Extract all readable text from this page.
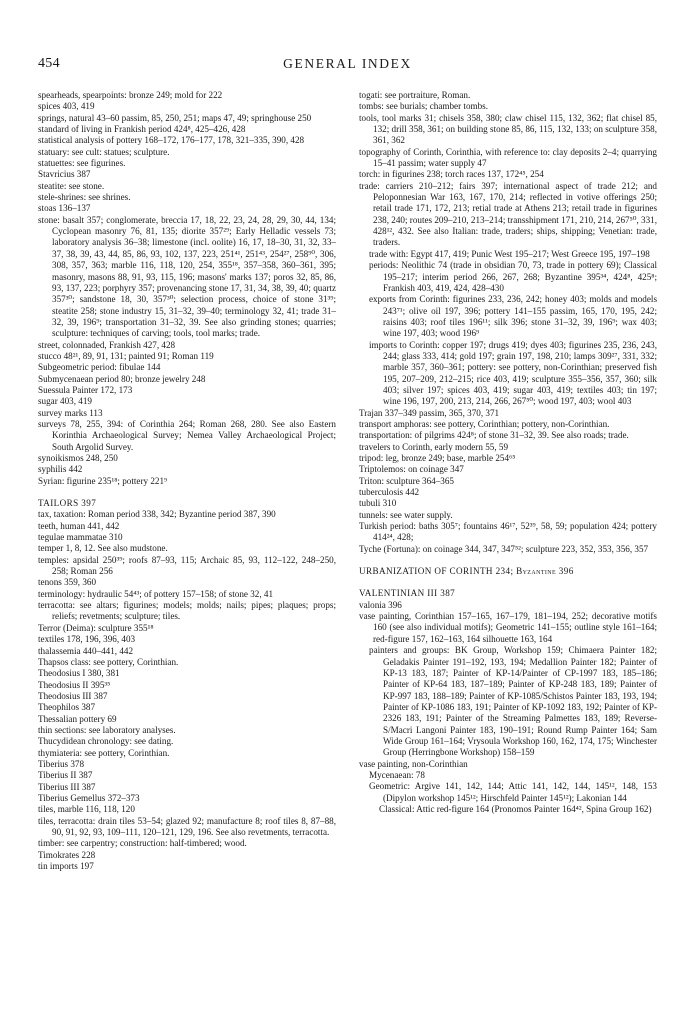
454	GENERAL INDEX

spearheads, spearpoints: bronze 249; mold for 222

spices 403, 419

springs, natural 43–60 passim, 85, 250, 251; maps 47, 49; springhouse 250

standard of living in Frankish period 424⁸, 425–426, 428

statistical analysis of pottery 168–172, 176–177, 178, 321–335, 390, 428

statuary: see cult: statues; sculpture.

statuettes: see figurines.

Stavricius 387

steatite: see stone.

stele-shrines: see shrines.

stoas 136–137

stone: basalt 357; conglomerate, breccia 17, 18, 22, 23, 24, 28, 29, 30, 44, 134; Cyclopean masonry 76, 81, 135; diorite 357²⁹; Early Helladic vessels 73; laboratory analysis 36–38; limestone (incl. oolite) 16, 17, 18–30, 31, 32, 33–37, 38, 39, 43, 44, 85, 86, 93, 102, 137, 223, 251⁴¹, 251⁴³, 254²⁷, 258⁹⁰, 306, 308, 357, 363; marble 116, 118, 120, 254, 355¹⁸, 357–358, 360–361, 395; masonry, masons 88, 91, 93, 115, 196; masons' marks 137; poros 32, 85, 86, 93, 137, 223; porphyry 357; provenancing stone 17, 31, 34, 38, 39, 40; quartz 357³⁰; sandstone 18, 30, 357³⁰; selection process, choice of stone 31³⁹; steatite 258; stone industry 15, 31–32, 39–40; terminology 32, 41; trade 31–32, 39, 196⁹; transportation 31–32, 39. See also grinding stones; quarries; sculpture: techniques of carving; tools, tool marks; trade.

street, colonnaded, Frankish 427, 428

stucco 48²¹, 89, 91, 131; painted 91; Roman 119

Subgeometric period: fibulae 144

Submycenaean period 80; bronze jewelry 248

Suessula Painter 172, 173

sugar 403, 419

survey marks 113

surveys 78, 255, 394: of Corinthia 264; Roman 268, 280. See also Eastern Korinthia Archaeological Survey; Nemea Valley Archaeological Project; South Argolid Survey.

synoikismos 248, 250

syphilis 442

Syrian: figurine 235¹⁸; pottery 221⁹

TAILORS 397

tax, taxation: Roman period 338, 342; Byzantine period 387, 390

teeth, human 441, 442

tegulae mammatae 310

temper 1, 8, 12. See also mudstone.

temples: apsidal 250³⁹; roofs 87–93, 115; Archaic 85, 93, 112–122, 248–250, 258; Roman 256

tenons 359, 360

terminology: hydraulic 54⁴³; of pottery 157–158; of stone 32, 41

terracotta: see altars; figurines; models; molds; nails; pipes; plaques; props; reliefs; revetments; sculpture; tiles.

Terror (Deima): sculpture 355¹⁸

textiles 178, 196, 396, 403

thalassemia 440–441, 442

Thapsos class: see pottery, Corinthian.

Theodosius I 380, 381

Theodosius II 395³⁵

Theodosius III 387

Theophilos 387

Thessalian pottery 69

thin sections: see laboratory analyses.

Thucydidean chronology: see dating.

thymiateria: see pottery, Corinthian.

Tiberius 378

Tiberius II 387

Tiberius III 387

Tiberius Gemellus 372–373

tiles, marble 116, 118, 120

tiles, terracotta: drain tiles 53–54; glazed 92; manufacture 8; roof tiles 8, 87–88, 90, 91, 92, 93, 109–111, 120–121, 129, 196. See also revetments, terracotta.

timber: see carpentry; construction: half-timbered; wood.

Timokrates 228

tin imports 197

togati: see portraiture, Roman.

tombs: see burials; chamber tombs.

tools, tool marks 31; chisels 358, 380; claw chisel 115, 132, 362; flat chisel 85, 132; drill 358, 361; on building stone 85, 86, 115, 132, 133; on sculpture 358, 361, 362

topography of Corinth, Corinthia, with reference to: clay deposits 2–4; quarrying 15–41 passim; water supply 47

torch: in figurines 238; torch races 137, 172⁴⁵, 254

trade: carriers 210–212; fairs 397; international aspect of trade 212; and Peloponnesian War 163, 167, 170, 214; reflected in votive offerings 250; retail trade 171, 172, 213; retial trade at Athens 213; retail trade in figurines 238, 240; routes 209–210, 213–214; transshipment 171, 210, 214, 267⁵⁰, 331, 428¹², 432. See also Italian: trade, traders; ships, shipping; Venetian: trade, traders.

trade with: Egypt 417, 419; Punic West 195–217; West Greece 195, 197–198

periods: Neolithic 74 (trade in obsidian 70, 73, trade in pottery 69); Classical 195–217; interim period 266, 267, 268; Byzantine 395³⁴, 424⁸, 425⁸; Frankish 403, 419, 424, 428–430

exports from Corinth: figurines 233, 236, 242; honey 403; molds and models 243⁷¹; olive oil 197, 396; pottery 141–155 passim, 165, 170, 195, 242; raisins 403; roof tiles 196¹¹; silk 396; stone 31–32, 39, 196⁹; wax 403; wine 197, 403; wood 196⁹

imports to Corinth: copper 197; drugs 419; dyes 403; figurines 235, 236, 243, 244; glass 333, 414; gold 197; grain 197, 198, 210; lamps 309²⁷, 331, 332; marble 357, 360–361; pottery: see pottery, non-Corinthian; preserved fish 195, 207–209, 212–215; rice 403, 419; sculpture 355–356, 357, 360; silk 403; silver 197; spices 403, 419; sugar 403, 419; textiles 403; tin 197; wine 196, 197, 200, 213, 214, 266, 267⁵⁰; wood 197, 403; wool 403

Trajan 337–349 passim, 365, 370, 371

transport amphoras: see pottery, Corinthian; pottery, non-Corinthian.

transportation: of pilgrims 424⁸; of stone 31–32, 39. See also roads; trade.

travelers to Corinth, early modern 55, 59

tripod: leg, bronze 249; base, marble 254⁶⁵

Triptolemos: on coinage 347

Triton: sculpture 364–365

tuberculosis 442

tubuli 310

tunnels: see water supply.

Turkish period: baths 305⁷; fountains 46¹⁷, 52³⁹, 58, 59; population 424; pottery 414²⁴, 428;

Tyche (Fortuna): on coinage 344, 347, 347⁵²; sculpture 223, 352, 353, 356, 357

URBANIZATION OF CORINTH 234; Byzantine 396

VALENTINIAN III 387

valonia 396

vase painting, Corinthian 157–165, 167–179, 181–194, 252; decorative motifs 160 (see also individual motifs); Geometric 141–155; outline style 161–164; red-figure 157, 162–163, 164 silhouette 163, 164

painters and groups: BK Group, Workshop 159; Chimaera Painter 182; Geladakis Painter 191–192, 193, 194; Medallion Painter 182; Painter of KP-13 183, 187; Painter of KP-14/Painter of CP-1997 183, 185–186; Painter of KP-64 183, 187–189; Painter of KP-248 183, 189; Painter of KP-997 183, 188–189; Painter of KP-1085/Schistos Painter 183, 193, 194; Painter of KP-1086 183, 191; Painter of KP-1092 183, 192; Painter of KP-2326 183, 191; Painter of the Streaming Palmettes 183, 189; Reverse-S/Macri Langoni Painter 183, 190–191; Round Rump Painter 164; Sam Wide Group 161–164; Vrysoula Workshop 160, 162, 174, 175; Winchester Group (Herringbone Workshop) 158–159

vase painting, non-Corinthian

Mycenaean: 78

Geometric: Argive 141, 142, 144; Attic 141, 142, 144, 145¹², 148, 153 (Dipylon workshop 145¹²; Hirschfeld Painter 145¹²); Lakonian 144

Classical: Attic red-figure 164 (Pronomos Painter 164⁴², Spina Group 162)
